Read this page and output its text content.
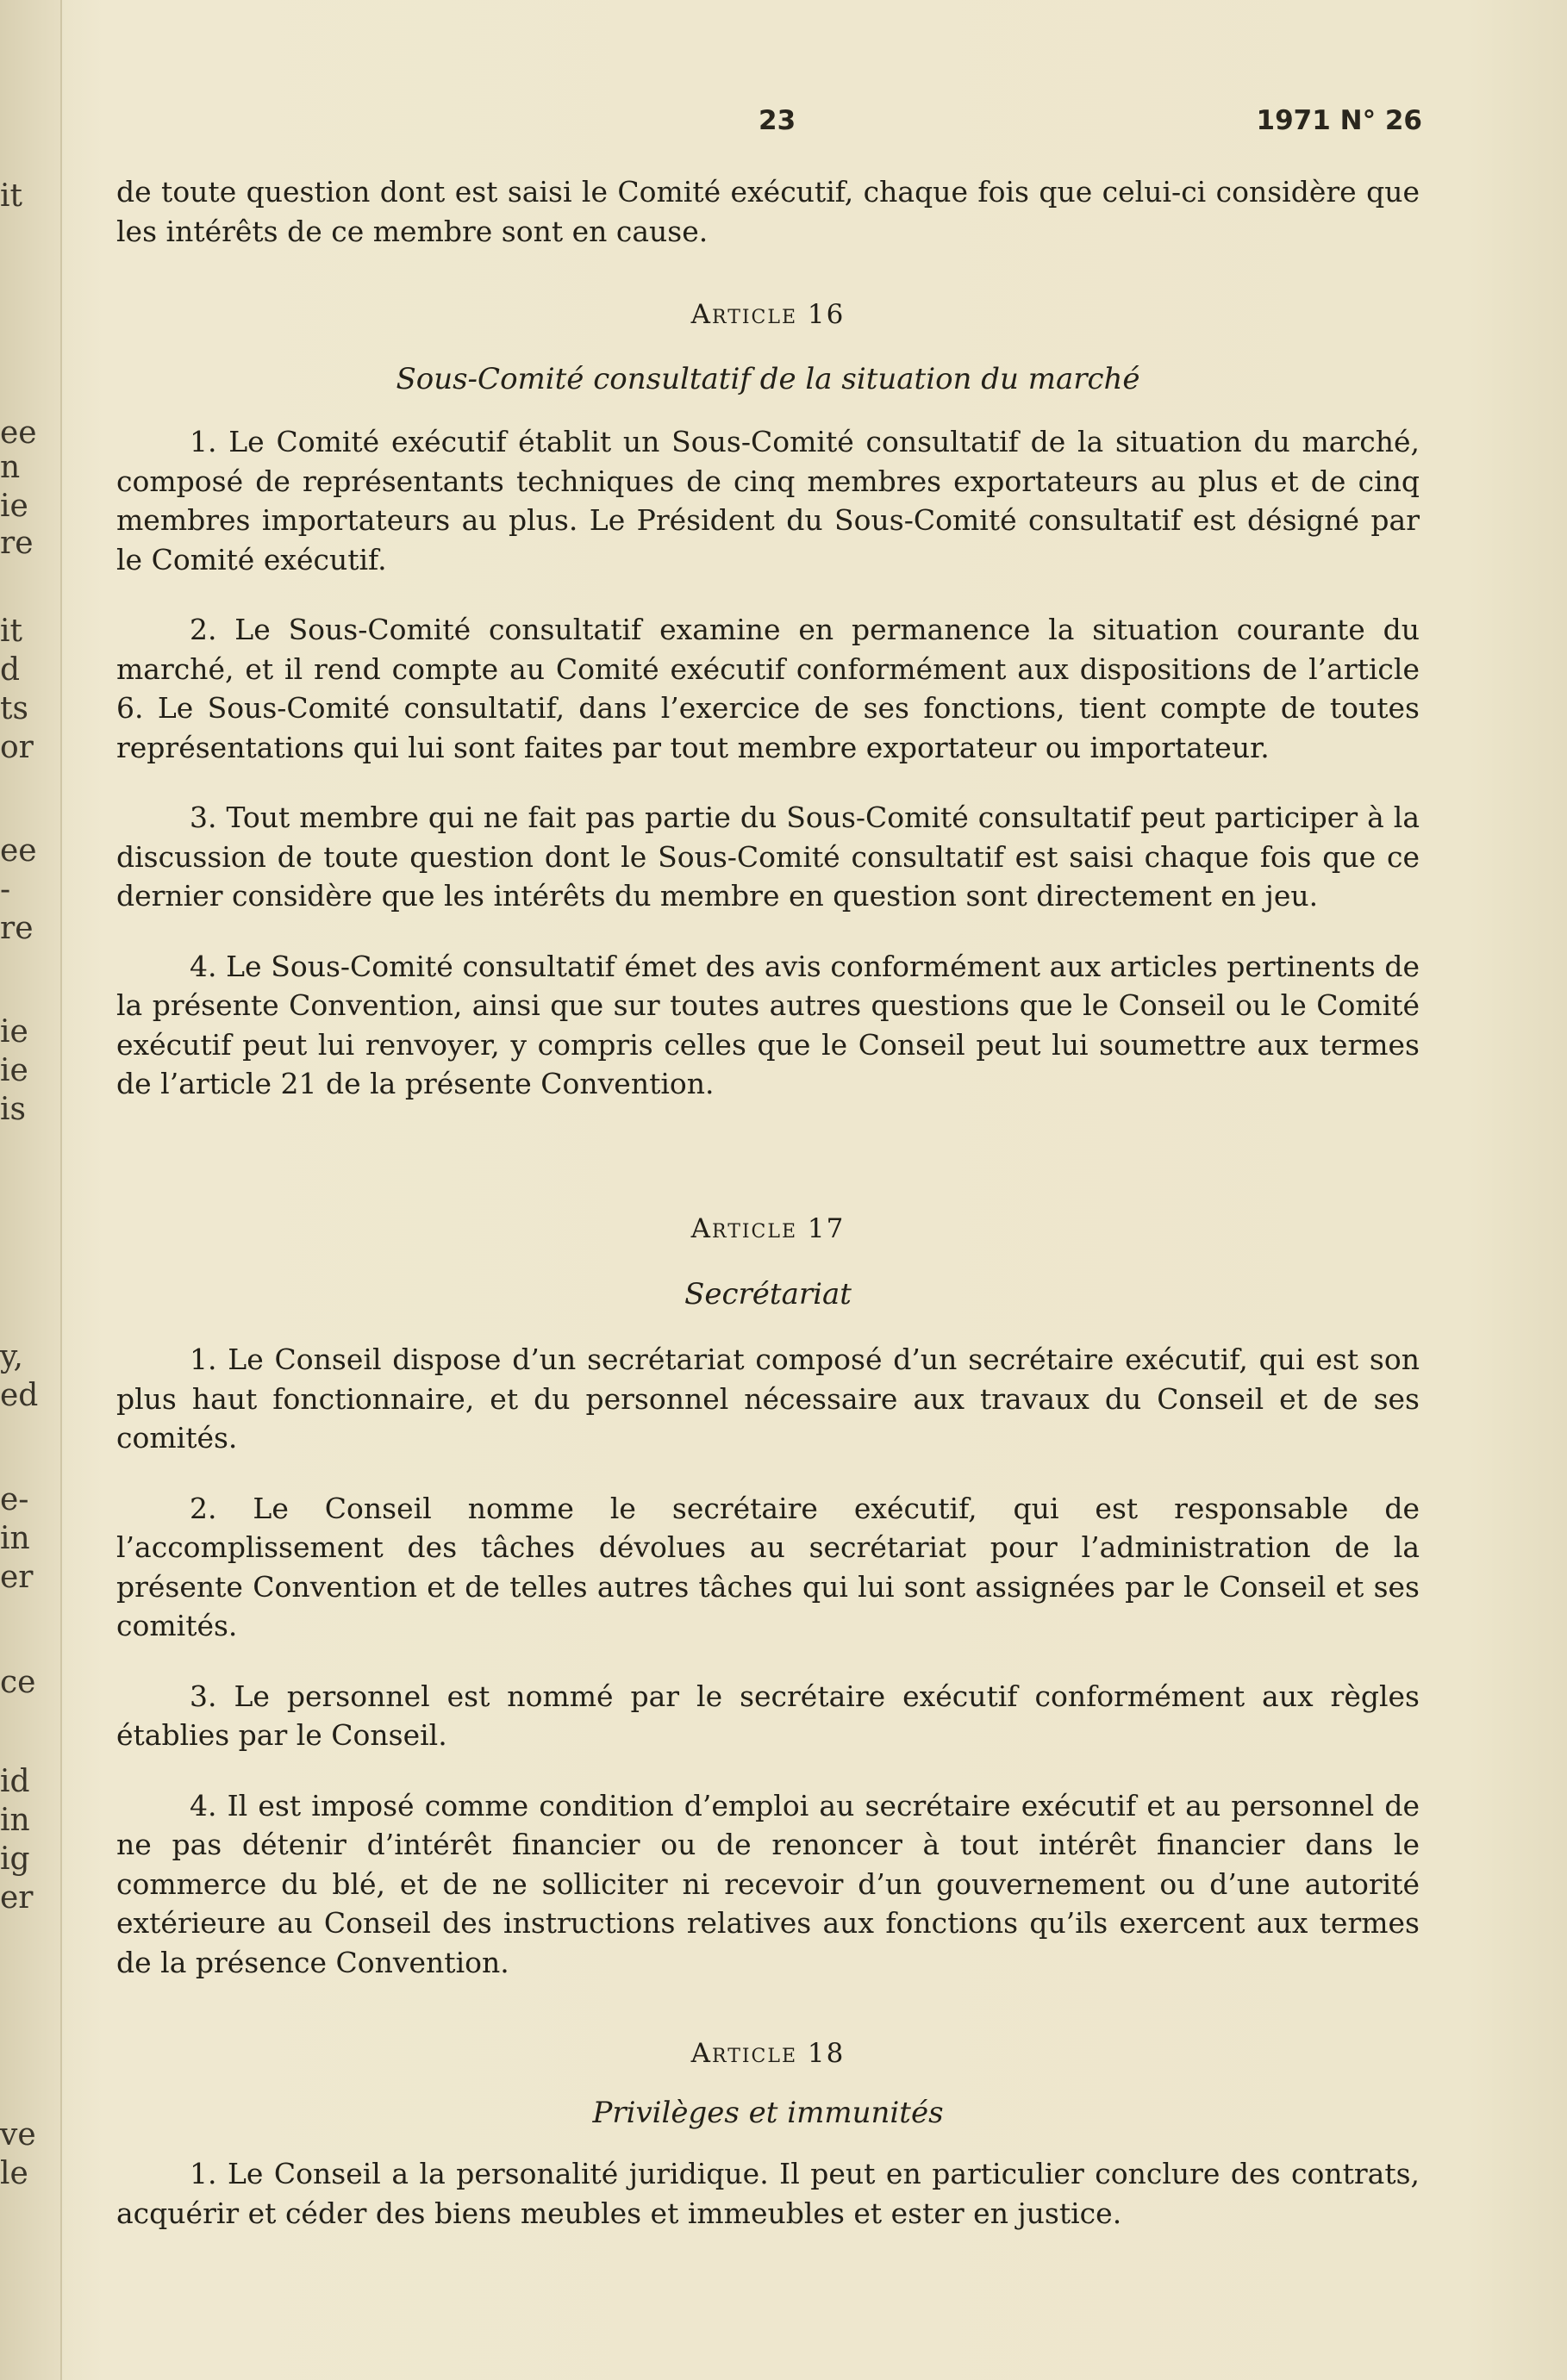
it
ee
n
ie
re
it
d
ts
or
ee
-
re
ie
ie
is
y,
ed
e-
in
er
ce
id
in
ig
er
ve
le
23	1971 N° 26

de toute question dont est saisi le Comité exécutif, chaque fois que celui-ci considère que les intérêts de ce membre sont en cause.

Article 16
Sous-Comité consultatif de la situation du marché

1. Le Comité exécutif établit un Sous-Comité consultatif de la situation du marché, composé de représentants techniques de cinq membres exportateurs au plus et de cinq membres importateurs au plus. Le Président du Sous-Comité consultatif est désigné par le Comité exécutif.

2. Le Sous-Comité consultatif examine en permanence la situation courante du marché, et il rend compte au Comité exécutif conformément aux dispositions de l’article 6. Le Sous-Comité consultatif, dans l’exercice de ses fonctions, tient compte de toutes représentations qui lui sont faites par tout membre exportateur ou importateur.

3. Tout membre qui ne fait pas partie du Sous-Comité consultatif peut participer à la discussion de toute question dont le Sous-Comité consultatif est saisi chaque fois que ce dernier considère que les intérêts du membre en question sont directement en jeu.

4. Le Sous-Comité consultatif émet des avis conformément aux articles pertinents de la présente Convention, ainsi que sur toutes autres questions que le Conseil ou le Comité exécutif peut lui renvoyer, y compris celles que le Conseil peut lui soumettre aux termes de l’article 21 de la présente Convention.

Article 17
Secrétariat

1. Le Conseil dispose d’un secrétariat composé d’un secrétaire exécutif, qui est son plus haut fonctionnaire, et du personnel nécessaire aux travaux du Conseil et de ses comités.

2. Le Conseil nomme le secrétaire exécutif, qui est responsable de l’accomplissement des tâches dévolues au secrétariat pour l’administration de la présente Convention et de telles autres tâches qui lui sont assignées par le Conseil et ses comités.

3. Le personnel est nommé par le secrétaire exécutif conformément aux règles établies par le Conseil.

4. Il est imposé comme condition d’emploi au secrétaire exécutif et au personnel de ne pas détenir d’intérêt financier ou de renoncer à tout intérêt financier dans le commerce du blé, et de ne solliciter ni recevoir d’un gouvernement ou d’une autorité extérieure au Conseil des instructions relatives aux fonctions qu’ils exercent aux termes de la présence Convention.

Article 18
Privilèges et immunités

1. Le Conseil a la personalité juridique. Il peut en particulier conclure des contrats, acquérir et céder des biens meubles et immeubles et ester en justice.
